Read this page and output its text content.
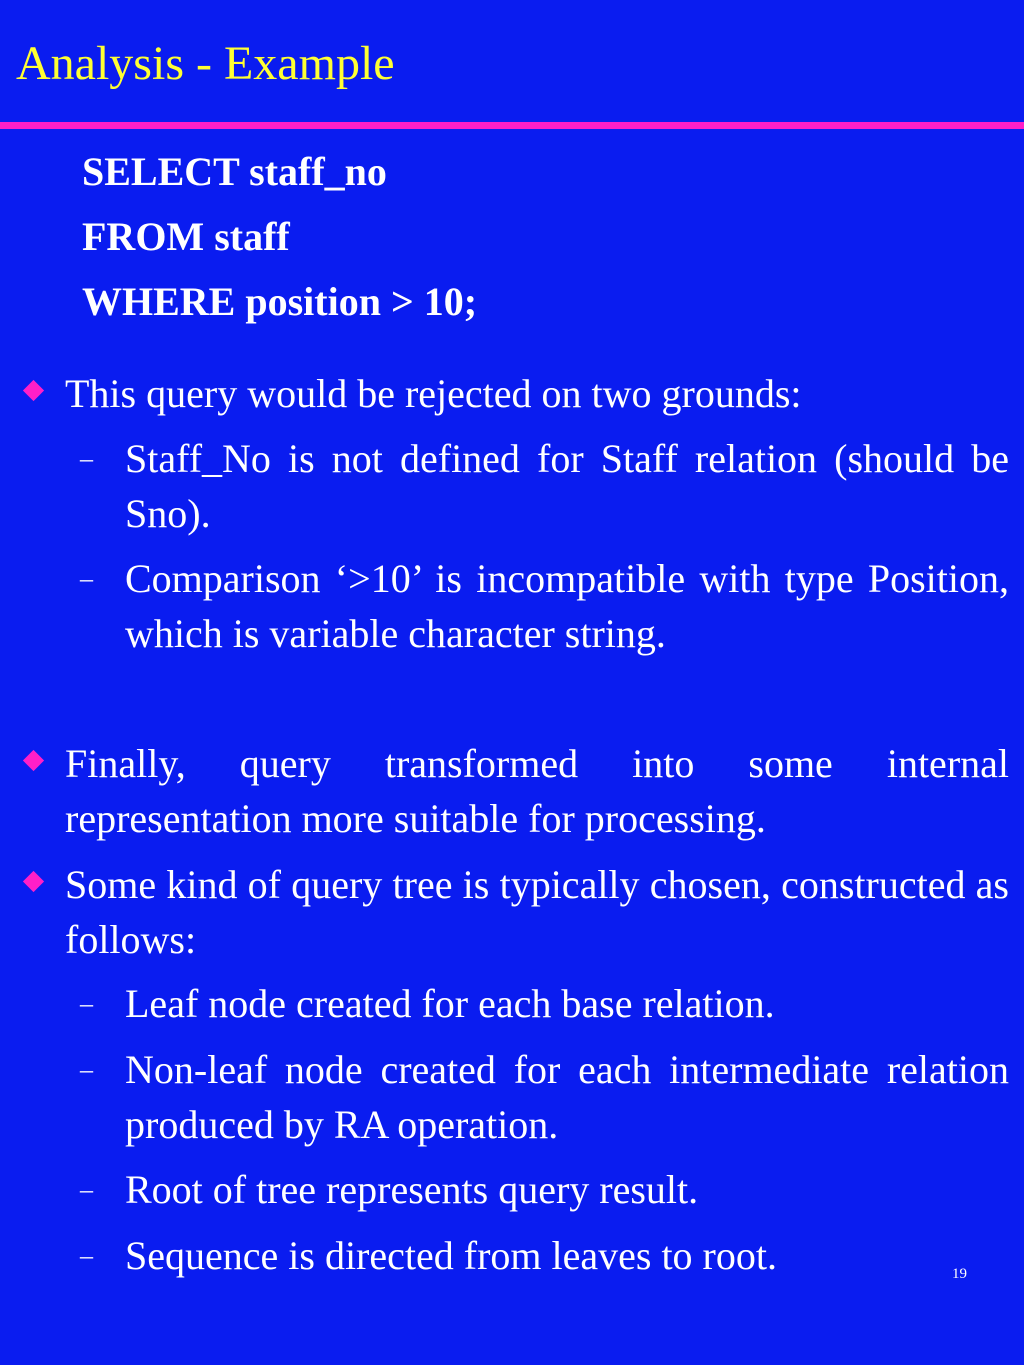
Analysis - Example
SELECT staff_no
FROM staff
WHERE position > 10;
This query would be rejected on two grounds:
– Staff_No is not defined for Staff relation (should be Sno).
– Comparison ‘>10’ is incompatible with type Position, which is variable character string.
Finally, query transformed into some internal representation more suitable for processing.
Some kind of query tree is typically chosen, constructed as follows:
– Leaf node created for each base relation.
– Non-leaf node created for each intermediate relation produced by RA operation.
– Root of tree represents query result.
– Sequence is directed from leaves to root.	19
